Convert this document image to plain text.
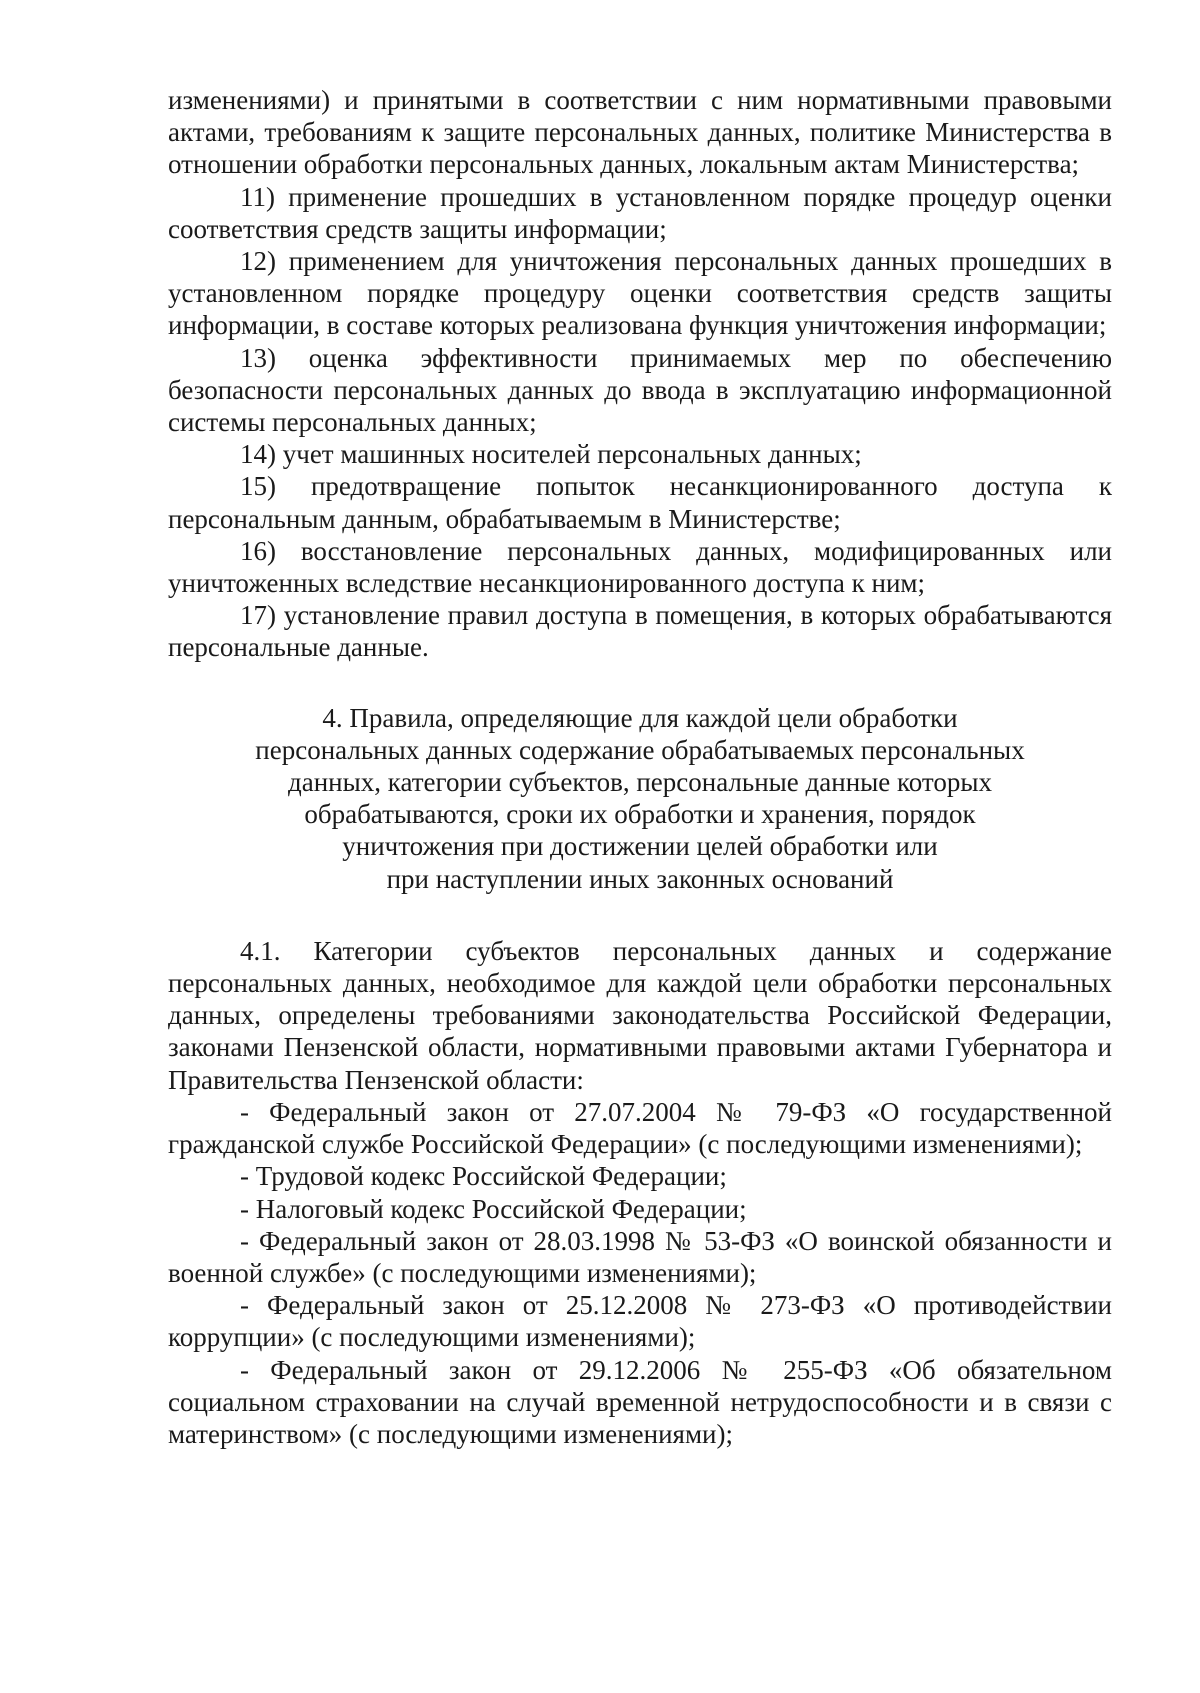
изменениями) и принятыми в соответствии с ним нормативными правовыми актами, требованиям к защите персональных данных, политике Министерства в отношении обработки персональных данных, локальным актам Министерства;

11) применение прошедших в установленном порядке процедур оценки соответствия средств защиты информации;

12) применением для уничтожения персональных данных прошедших в установленном порядке процедуру оценки соответствия средств защиты информации, в составе которых реализована функция уничтожения информации;

13) оценка эффективности принимаемых мер по обеспечению безопасности персональных данных до ввода в эксплуатацию информационной системы персональных данных;

14) учет машинных носителей персональных данных;

15) предотвращение попыток несанкционированного доступа к персональным данным, обрабатываемым в Министерстве;

16) восстановление персональных данных, модифицированных или уничтоженных вследствие несанкционированного доступа к ним;

17) установление правил доступа в помещения, в которых обрабатываются персональные данные.

4. Правила, определяющие для каждой цели обработки
персональных данных содержание обрабатываемых персональных
данных, категории субъектов, персональные данные которых
обрабатываются, сроки их обработки и хранения, порядок
уничтожения при достижении целей обработки или
при наступлении иных законных оснований

4.1. Категории субъектов персональных данных и содержание персональных данных, необходимое для каждой цели обработки персональных данных, определены требованиями законодательства Российской Федерации, законами Пензенской области, нормативными правовыми актами Губернатора и Правительства Пензенской области:

- Федеральный закон от 27.07.2004 № 79-ФЗ «О государственной гражданской службе Российской Федерации» (с последующими изменениями);

- Трудовой кодекс Российской Федерации;

- Налоговый кодекс Российской Федерации;

- Федеральный закон от 28.03.1998 № 53-ФЗ «О воинской обязанности и военной службе» (с последующими изменениями);

- Федеральный закон от 25.12.2008 № 273-ФЗ «О противодействии коррупции» (с последующими изменениями);

- Федеральный закон от 29.12.2006 № 255-ФЗ «Об обязательном социальном страховании на случай временной нетрудоспособности и в связи с материнством» (с последующими изменениями);
